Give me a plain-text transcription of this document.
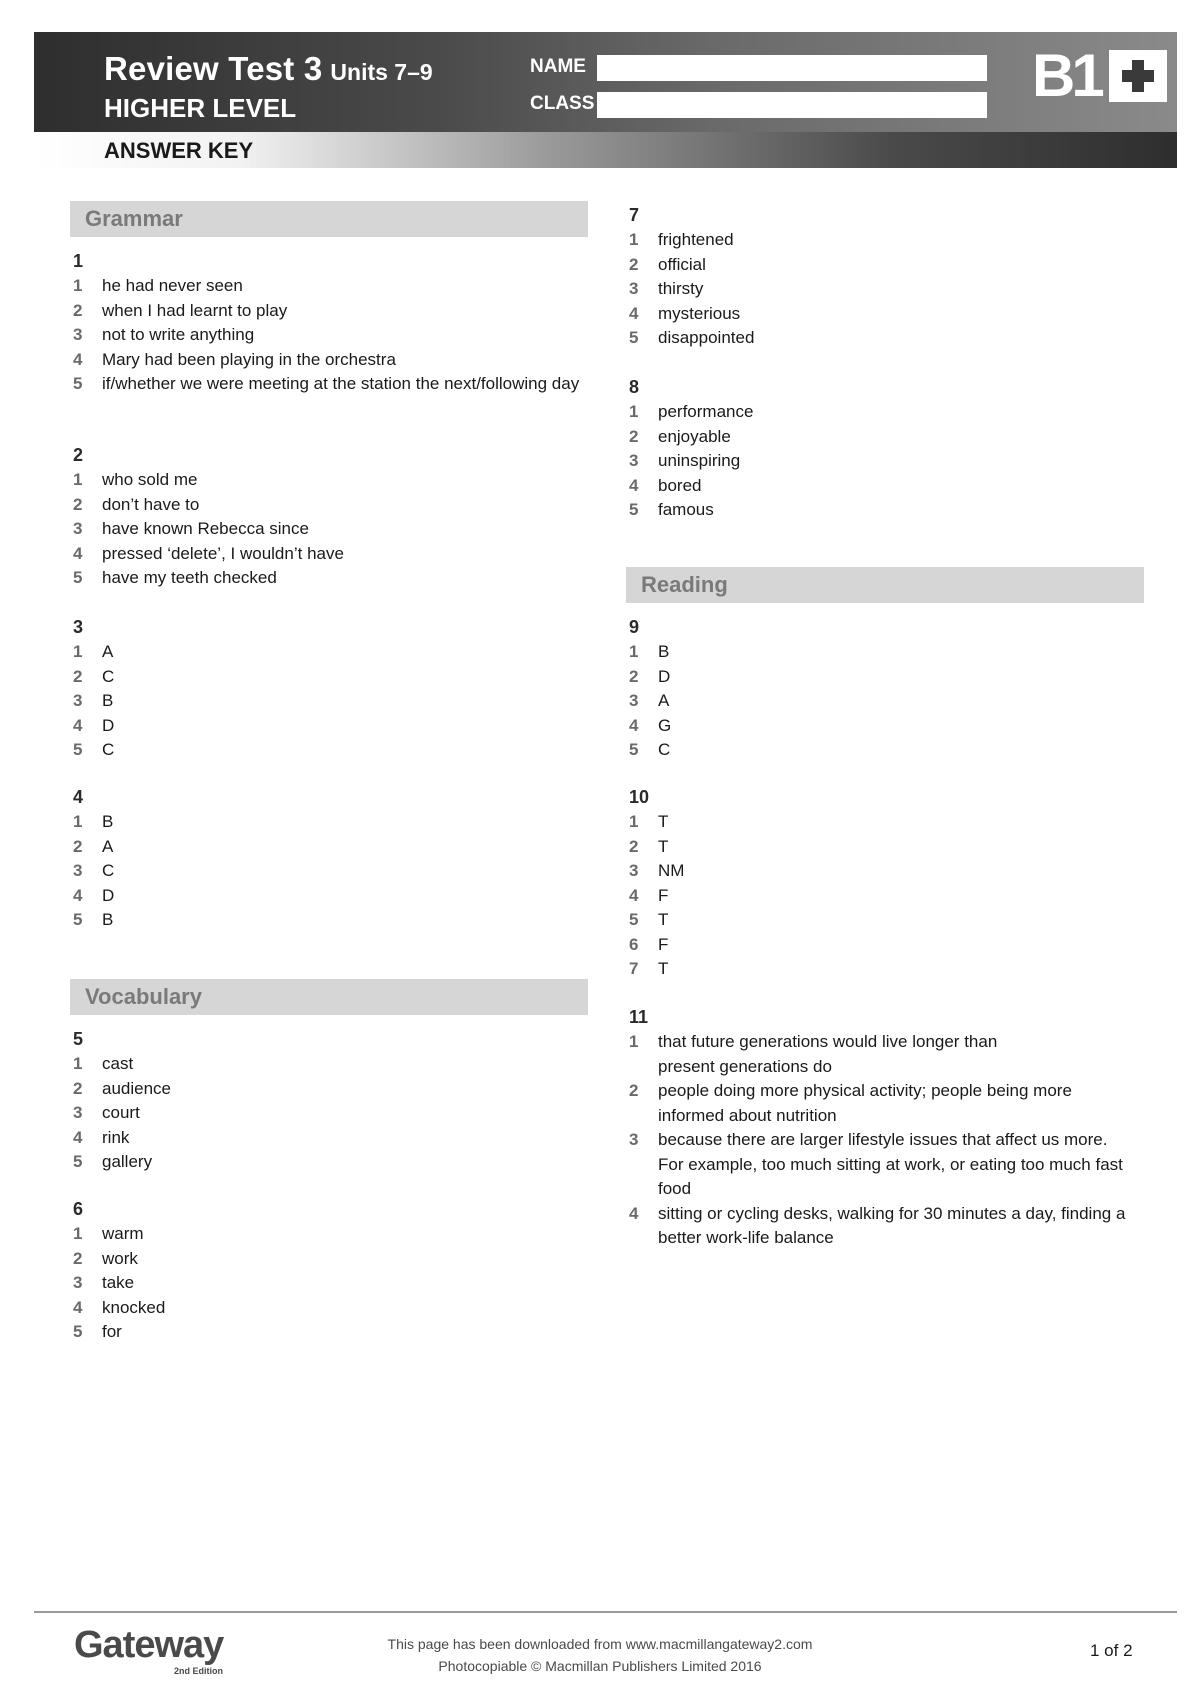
Review Test 3 Units 7–9
HIGHER LEVEL
NAME
CLASS	B1
ANSWER KEY
Grammar
1
1	he had never seen
2	when I had learnt to play
3	not to write anything
4	Mary had been playing in the orchestra
5	if/whether we were meeting at the station the next/following day
2
1	who sold me
2	don’t have to
3	have known Rebecca since
4	pressed ‘delete’, I wouldn’t have
5	have my teeth checked
3
1	A
2	C
3	B
4	D
5	C
4
1	B
2	A
3	C
4	D
5	B
Vocabulary
5
1	cast
2	audience
3	court
4	rink
5	gallery
6
1	warm
2	work
3	take
4	knocked
5	for
7
1	frightened
2	official
3	thirsty
4	mysterious
5	disappointed
8
1	performance
2	enjoyable
3	uninspiring
4	bored
5	famous
Reading
9
1	B
2	D
3	A
4	G
5	C
10
1	T
2	T
3	NM
4	F
5	T
6	F
7	T
11
1	that future generations would live longer than present generations do
2	people doing more physical activity; people being more informed about nutrition
3	because there are larger lifestyle issues that affect us more. For example, too much sitting at work, or eating too much fast food
4	sitting or cycling desks, walking for 30 minutes a day, finding a better work-life balance
Gateway
2nd Edition
This page has been downloaded from www.macmillangateway2.com
Photocopiable © Macmillan Publishers Limited 2016
1 of 2
